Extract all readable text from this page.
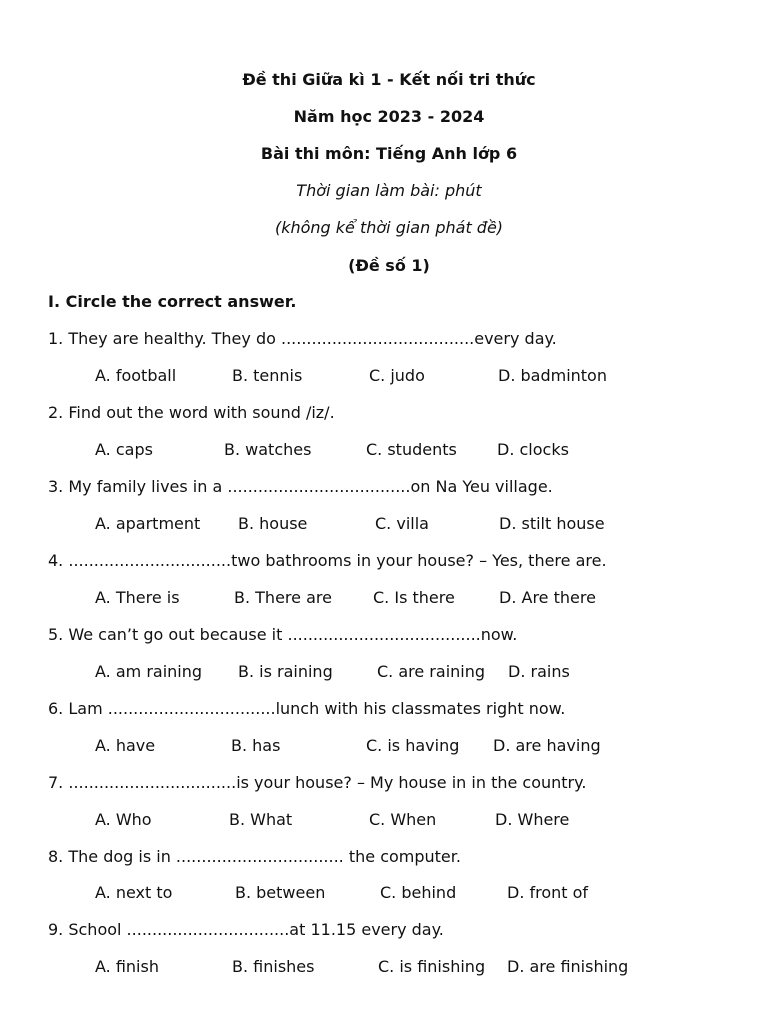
Đề thi Giữa kì 1 - Kết nối tri thức
Năm học 2023 - 2024
Bài thi môn: Tiếng Anh lớp 6
Thời gian làm bài: phút
(không kể thời gian phát đề)
(Đề số 1)
I. Circle the correct answer.
1. They are healthy. They do ......................................every day.
A. football	B. tennis	C. judo	D. badminton
2. Find out the word with sound /iz/.
A. caps	B. watches	C. students	D. clocks
3. My family lives in a ....................................on Na Yeu village.
A. apartment B. house	C. villa	D. stilt house
4. ................................two bathrooms in your house? – Yes, there are.
A. There is	B. There are	C. Is there	D. Are there
5. We can’t go out because it ......................................now.
A. am raining B. is raining	C. are raining D. rains
6. Lam .................................lunch with his classmates right now.
A. have	B. has	C. is having D. are having
7. .................................is your house? – My house in in the country.
A. Who	B. What	C. When	D. Where
8. The dog is in ................................. the computer.
A. next to	B. between	C. behind	D. front of
9. School ................................at 11.15 every day.
A. finish	B. finishes	C. is finishing D. are finishing
